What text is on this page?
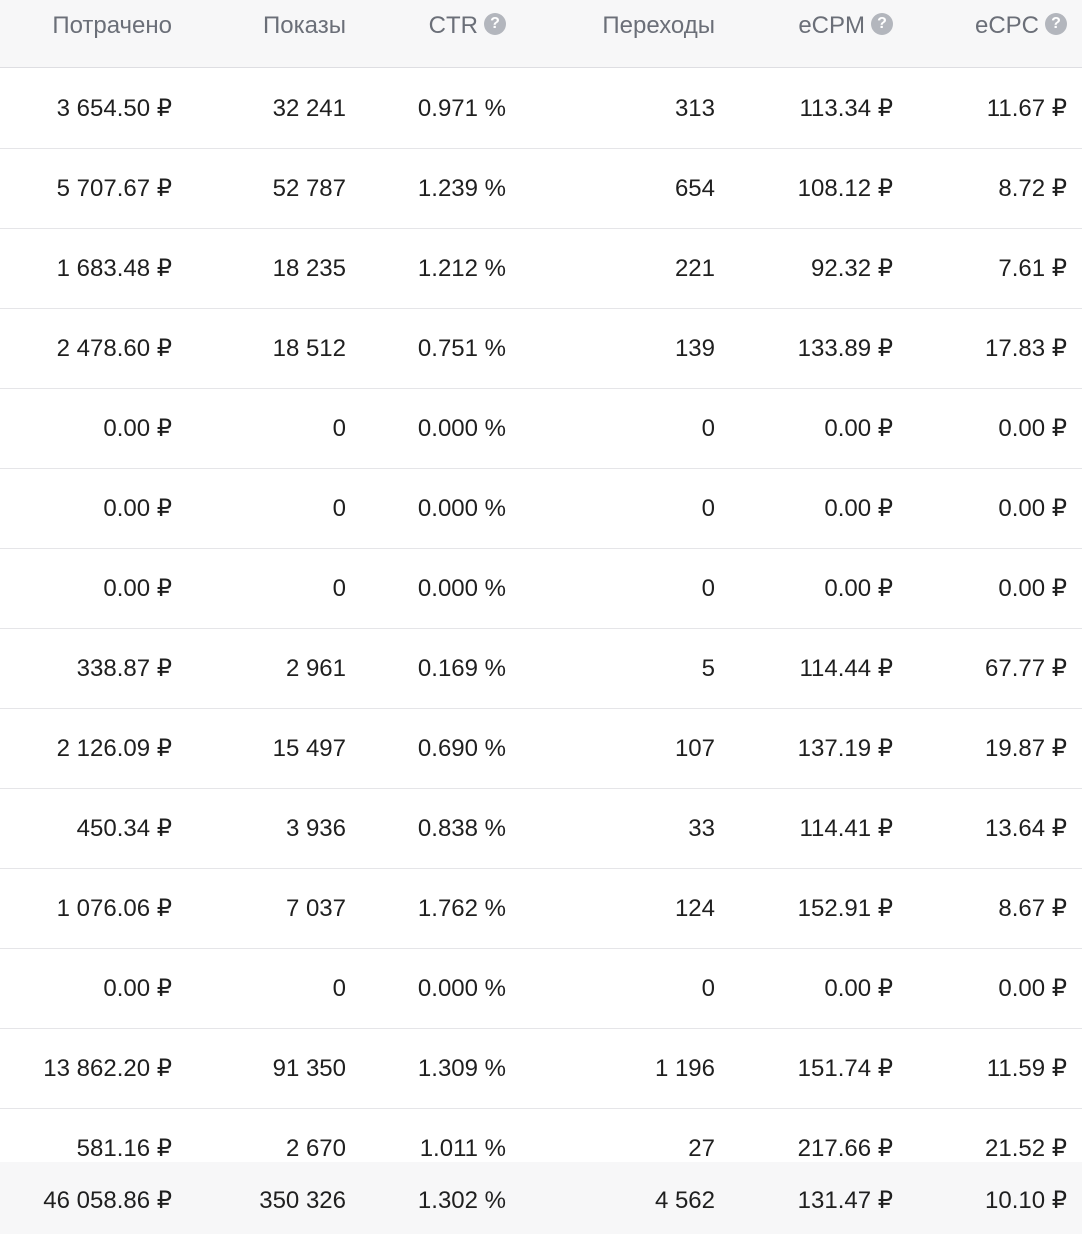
Потрачено	Показы	CTR ?	Переходы	eCPM ?	eCPC ?
3 654.50 ₽	32 241	0.971 %	313	113.34 ₽	11.67 ₽
5 707.67 ₽	52 787	1.239 %	654	108.12 ₽	8.72 ₽
1 683.48 ₽	18 235	1.212 %	221	92.32 ₽	7.61 ₽
2 478.60 ₽	18 512	0.751 %	139	133.89 ₽	17.83 ₽
0.00 ₽	0	0.000 %	0	0.00 ₽	0.00 ₽
0.00 ₽	0	0.000 %	0	0.00 ₽	0.00 ₽
0.00 ₽	0	0.000 %	0	0.00 ₽	0.00 ₽
338.87 ₽	2 961	0.169 %	5	114.44 ₽	67.77 ₽
2 126.09 ₽	15 497	0.690 %	107	137.19 ₽	19.87 ₽
450.34 ₽	3 936	0.838 %	33	114.41 ₽	13.64 ₽
1 076.06 ₽	7 037	1.762 %	124	152.91 ₽	8.67 ₽
0.00 ₽	0	0.000 %	0	0.00 ₽	0.00 ₽
13 862.20 ₽	91 350	1.309 %	1 196	151.74 ₽	11.59 ₽
581.16 ₽	2 670	1.011 %	27	217.66 ₽	21.52 ₽
46 058.86 ₽	350 326	1.302 %	4 562	131.47 ₽	10.10 ₽
